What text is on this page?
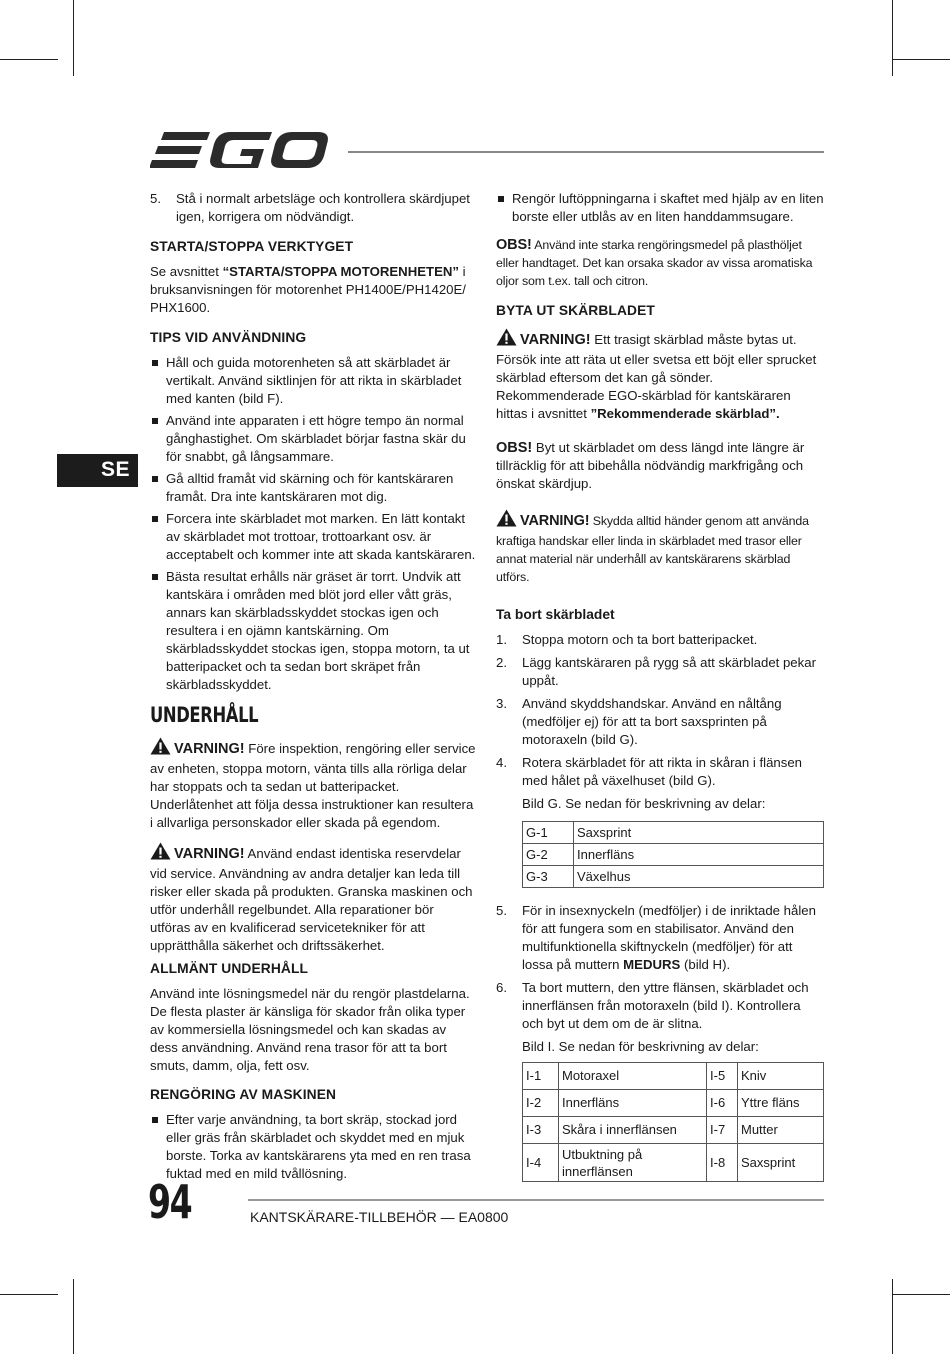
SE
5. Stå i normalt arbetsläge och kontrollera skärdjupet igen, korrigera om nödvändigt.
STARTA/STOPPA VERKTYGET

Se avsnittet “STARTA/STOPPA MOTORENHETEN” i bruksanvisningen för motorenhet PH1400E/PH1420E/ PHX1600.

TIPS VID ANVÄNDNING
Håll och guida motorenheten så att skärbladet är vertikalt. Använd siktlinjen för att rikta in skärbladet med kanten (bild F).
Använd inte apparaten i ett högre tempo än normal gånghastighet. Om skärbladet börjar fastna skär du för snabbt, gå långsammare.
Gå alltid framåt vid skärning och för kantskäraren framåt. Dra inte kantskäraren mot dig.
Forcera inte skärbladet mot marken. En lätt kontakt av skärbladet mot trottoar, trottoarkant osv. är acceptabelt och kommer inte att skada kantskäraren.
Bästa resultat erhålls när gräset är torrt. Undvik att kantskära i områden med blöt jord eller vått gräs, annars kan skärbladsskyddet stockas igen och resultera i en ojämn kantskärning. Om skärbladsskyddet stockas igen, stoppa motorn, ta ut batteripacket och ta sedan bort skräpet från skärbladsskyddet.
UNDERHÅLL

VARNING! Före inspektion, rengöring eller service av enheten, stoppa motorn, vänta tills alla rörliga delar har stoppats och ta sedan ut batteripacket. Underlåtenhet att följa dessa instruktioner kan resultera i allvarliga personskador eller skada på egendom.

VARNING! Använd endast identiska reservdelar vid service. Användning av andra detaljer kan leda till risker eller skada på produkten. Granska maskinen och utför underhåll regelbundet. Alla reparationer bör utföras av en kvalificerad servicetekniker för att upprätthålla säkerhet och driftssäkerhet.

ALLMÄNT UNDERHÅLL

Använd inte lösningsmedel när du rengör plastdelarna. De flesta plaster är känsliga för skador från olika typer av kommersiella lösningsmedel och kan skadas av dess användning. Använd rena trasor för att ta bort smuts, damm, olja, fett osv.

RENGÖRING AV MASKINEN
Efter varje användning, ta bort skräp, stockad jord eller gräs från skärbladet och skyddet med en mjuk borste. Torka av kantskärarens yta med en ren trasa fuktad med en mild tvållösning.
Rengör luftöppningarna i skaftet med hjälp av en liten borste eller utblås av en liten handdammsugare.

OBS! Använd inte starka rengöringsmedel på plasthöljet eller handtaget. Det kan orsaka skador av vissa aromatiska oljor som t.ex. tall och citron.

BYTA UT SKÄRBLADET

VARNING! Ett trasigt skärblad måste bytas ut. Försök inte att räta ut eller svetsa ett böjt eller sprucket skärblad eftersom det kan gå sönder. Rekommenderade EGO-skärblad för kantskäraren hittas i avsnittet ”Rekommenderade skärblad”.

OBS! Byt ut skärbladet om dess längd inte längre är tillräcklig för att bibehålla nödvändig markfrigång och önskat skärdjup.

VARNING! Skydda alltid händer genom att använda kraftiga handskar eller linda in skärbladet med trasor eller annat material när underhåll av kantskärarens skärblad utförs.

Ta bort skärbladet
1. Stoppa motorn och ta bort batteripacket.
2. Lägg kantskäraren på rygg så att skärbladet pekar uppåt.
3. Använd skyddshandskar. Använd en nåltång (medföljer ej) för att ta bort saxsprinten på motoraxeln (bild G).
4. Rotera skärbladet för att rikta in skåran i flänsen med hålet på växelhuset (bild G).

Bild G. Se nedan för beskrivning av delar:

G-1	Saxsprint
G-2	Innerfläns
G-3	Växelhus
5. För in insexnyckeln (medföljer) i de inriktade hålen för att fungera som en stabilisator. Använd den multifunktionella skiftnyckeln (medföljer) för att lossa på muttern MEDURS (bild H).
6. Ta bort muttern, den yttre flänsen, skärbladet och innerflänsen från motoraxeln (bild I). Kontrollera och byt ut dem om de är slitna.

Bild I. Se nedan för beskrivning av delar:

I-1	Motoraxel	I-5	Kniv
I-2	Innerfläns	I-6	Yttre fläns
I-3	Skåra i innerflänsen	I-7	Mutter
I-4	Utbuktning på innerflänsen	I-8	Saxsprint
94	KANTSKÄRARE-TILLBEHÖR — EA0800
